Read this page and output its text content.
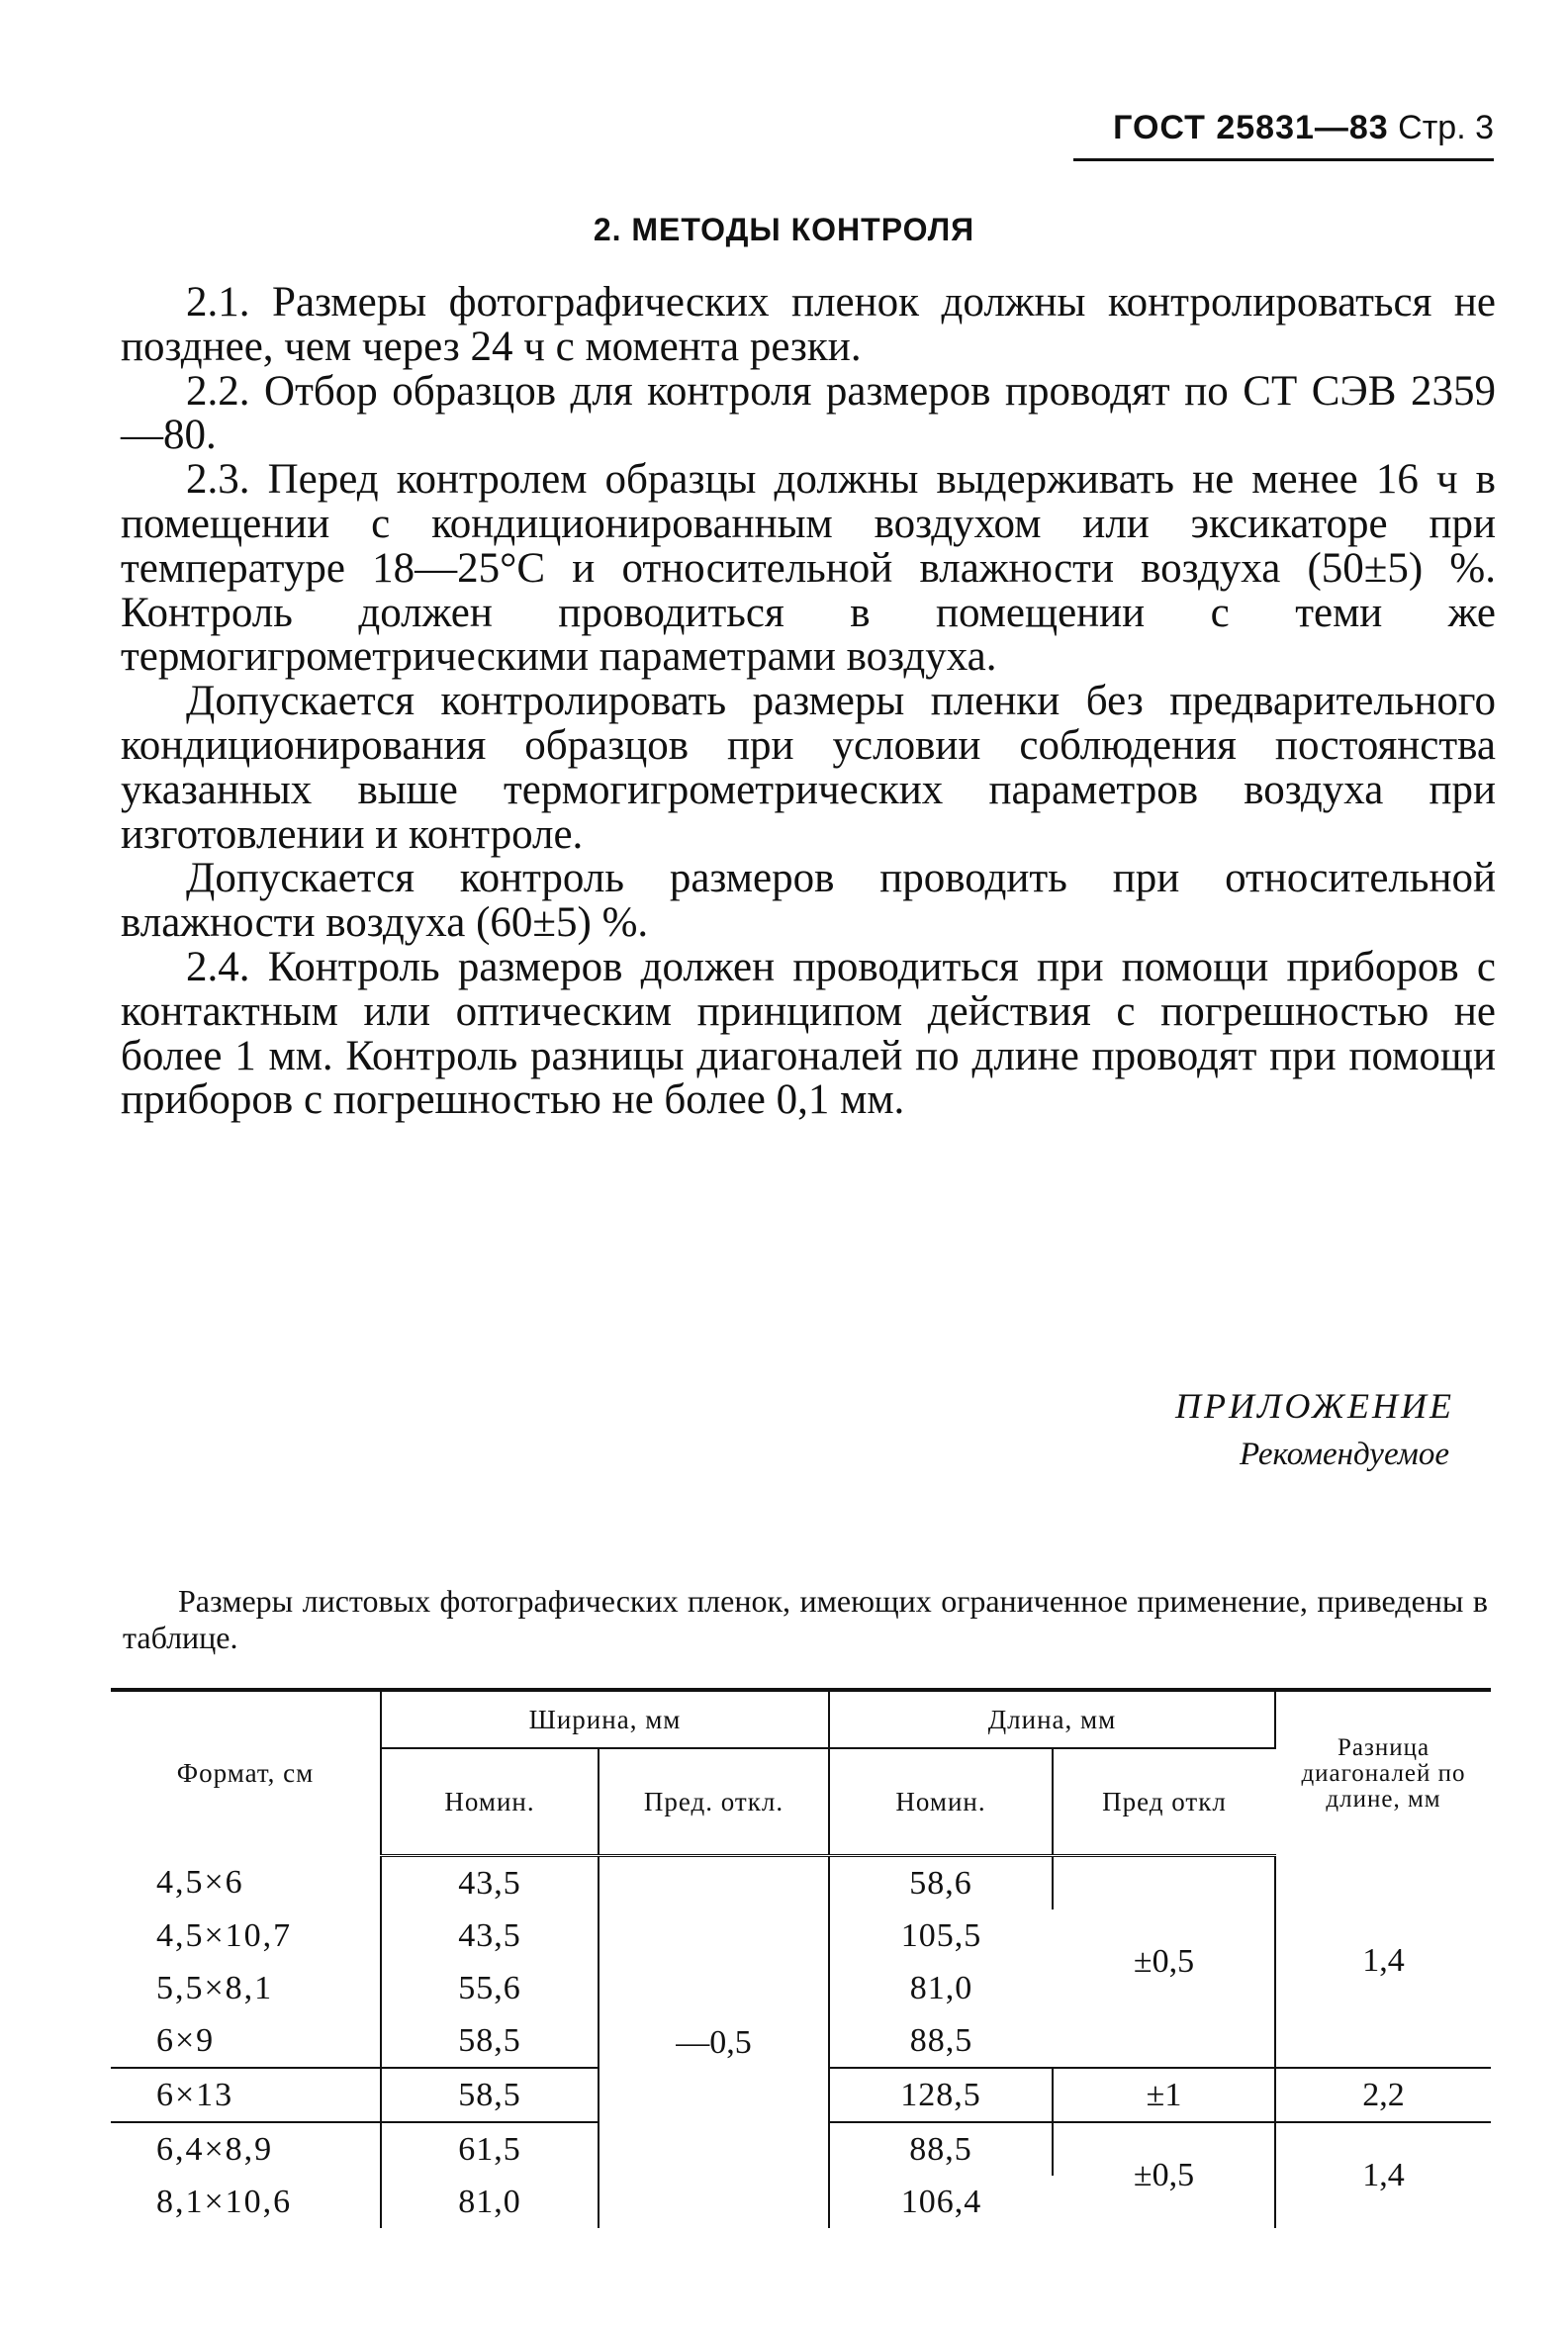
ГОСТ 25831—83 Стр. 3
2. МЕТОДЫ КОНТРОЛЯ

2.1. Размеры фотографических пленок должны контролироваться не позднее, чем через 24 ч с момента резки.

2.2. Отбор образцов для контроля размеров проводят по СТ СЭВ 2359—80.

2.3. Перед контролем образцы должны выдерживать не менее 16 ч в помещении с кондиционированным воздухом или эксикаторе при температуре 18—25°C и относительной влажности воздуха (50±5) %. Контроль должен проводиться в помещении с теми же термогигрометрическими параметрами воздуха.

Допускается контролировать размеры пленки без предварительного кондиционирования образцов при условии соблюдения постоянства указанных выше термогигрометрических параметров воздуха при изготовлении и контроле.

Допускается контроль размеров проводить при относительной влажности воздуха (60±5) %.

2.4. Контроль размеров должен проводиться при помощи приборов с контактным или оптическим принципом действия с погрешностью не более 1 мм. Контроль разницы диагоналей по длине проводят при помощи приборов с погрешностью не более 0,1 мм.

ПРИЛОЖЕНИЕ
Рекомендуемое

Размеры листовых фотографических пленок, имеющих ограниченное применение, приведены в таблице.

Формат, см	Ширина, мм		Длина, мм		Разница диагоналей по длине, мм
	Номин.	Пред. откл.	Номин.	Пред откл	
4,5×6	43,5	—0,5	58,6	±0,5	1,4
4,5×10,7	43,5		105,5		
5,5×8,1	55,6		81,0		
6×9	58,5		88,5		
6×13	58,5		128,5	±1	2,2
6,4×8,9	61,5		88,5	±0,5	1,4
8,1×10,6	81,0		106,4		
